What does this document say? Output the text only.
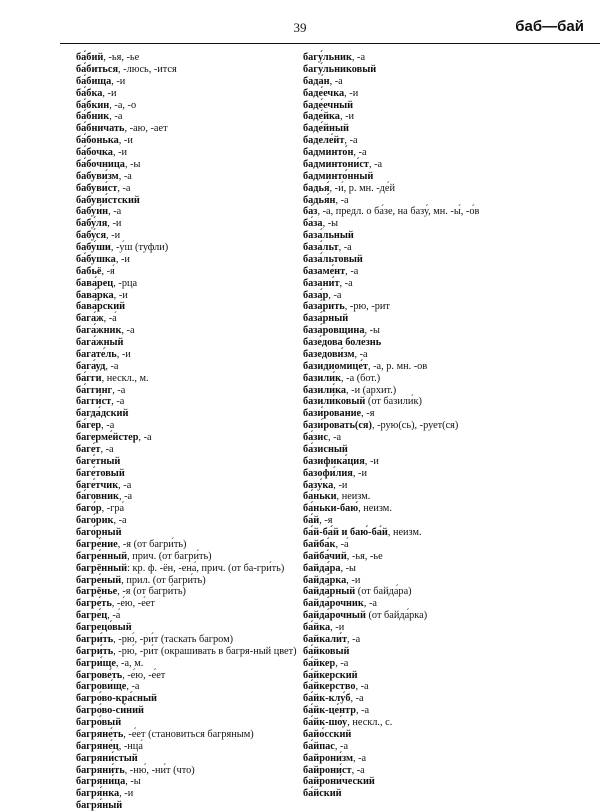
39	баб—бай
ба́бий, -ья, -ье
ба́биться, -люсь, -ится
ба́бища, -и
ба́бка, -и
ба́бкин, -а, -о
ба́бник, -а
ба́бничать, -аю, -ает
ба́бонька, -и
ба́бочка, -и
ба́бочница, -ы
бабуви́зм, -а
бабуви́ст, -а
бабуви́стский
бабуи́н, -а
бабу́ля, -и
бабу́ся, -и
бабу́ши, -у́ш (туфли)
ба́бушка, -и
бабьё, -я́
бава́рец, -рца
бава́рка, -и
бава́рский
бага́ж, -а́
бага́жник, -а
бага́жный
багате́ль, -и
бага́уд, -а
ба́гги, нескл., м.
ба́ггинг, -а
багги́ст, -а
багда́дский
ба́гер, -а
багерме́йстер, -а
баге́т, -а
баге́тный
баге́товый
баге́тчик, -а
ба́говник, -а
баго́р, -гра́
баго́рик, -а
баго́рный
багре́ние, -я (от багри́ть)
багре́нный, прич. (от багри́ть)
багрённый: кр. ф. -ён, -ена́, прич. (от ба-гри́ть)
багре́ный, прил. (от багри́ть)
багрёнье, -я (от багри́ть)
багре́ть, -е́ю, -е́ет
багре́ц, -а́
багрецо́вый
багри́ть, -рю́, -ри́т (таскать багром)
багри́ть, -рю́, -ри́т (окрашивать в багря-ный цвет)
багри́ще, -а, м.
багрове́ть, -е́ю, -е́ет
багрови́ще, -а
багро́во-кра́сный
багро́во-си́ний
багро́вый
багряне́ть, -е́ет (становиться багряным)
багряне́ц, -нца́
багряни́стый
багряни́ть, -ню́, -ни́т (что)
багряни́ца, -ы
багря́нка, -и
багря́ный
багу́льник, -а
багу́льниковый
бада́н, -а
баде́ечка, -и
баде́ечный
баде́йка, -и
баде́йный
баделе́йт, -а
бадминто́н, -а
бадминтони́ст, -а
бадминто́нный
бадья́, -и́, р. мн. -де́й
бадья́н, -а
ба́з, -а, предл. о ба́зе, на базу́, мн. -ы́, -о́в
ба́за, -ы
база́льный
база́льт, -а
база́льтовый
базаме́нт, -а
базани́т, -а
база́р, -а
база́рить, -рю, -рит
база́рный
база́ровщина, -ы
базе́дова боле́знь
базедови́зм, -а
базидиомице́т, -а, р. мн. -ов
базили́к, -а (бот.)
базили́ка, -и (архит.)
базили́ковый (от базили́к)
бази́рование, -я
бази́ровать(ся), -рую(сь), -рует(ся)
ба́зис, -а
ба́зисный
базифика́ция, -и
базофи́лия, -и
базу́ка, -и
ба́ньки, неизм.
ба́ньки-баю́, неизм.
ба́й, -я
ба́й-ба́й и баю́-ба́й, неизм.
байба́к, -а́
байба́чий, -ья, -ье
байда́ра, -ы
байда́рка, -и
байда́рный (от байда́ра)
байда́рочник, -а
байда́рочный (от байда́рка)
ба́йка, -и
байкали́т, -а
ба́йковый
ба́йкер, -а
ба́йкерский
ба́йкерство, -а
ба́йк-клу́б, -а
ба́йк-це́нтр, -а
ба́йк-шо́у, нескл., с.
байо́сский
ба́йпас, -а
байрони́зм, -а
байрони́ст, -а
байрони́ческий
ба́йский
